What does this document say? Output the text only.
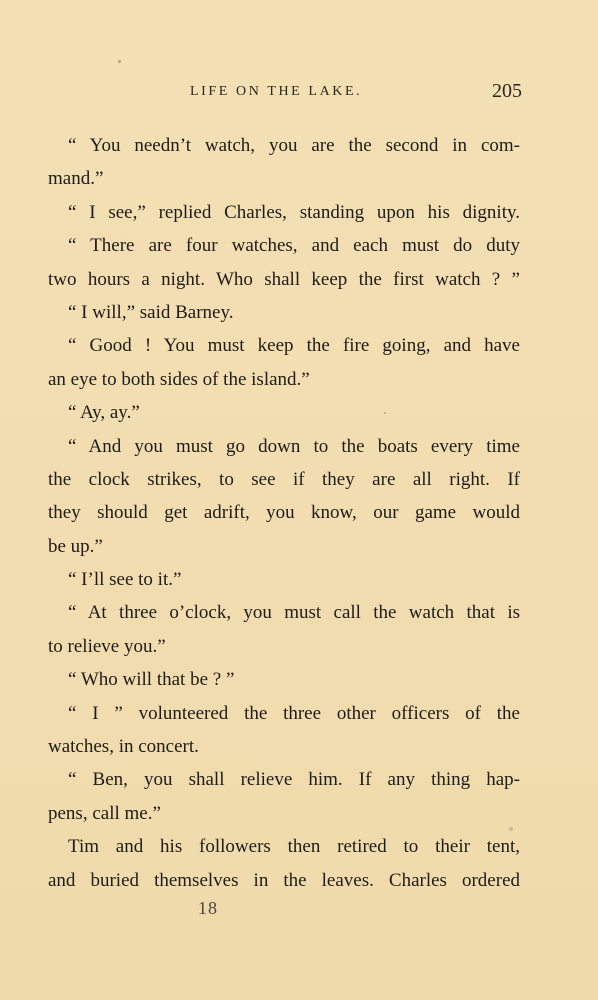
LIFE ON THE LAKE.	205
“ You needn’t watch, you are the second in com-
mand.”
“ I see,” replied Charles, standing upon his dignity.
“ There are four watches, and each must do duty
two hours a night. Who shall keep the first watch ? ”
“ I will,” said Barney.
“ Good ! You must keep the fire going, and have
an eye to both sides of the island.”
“ Ay, ay.”
“ And you must go down to the boats every time
the clock strikes, to see if they are all right. If
they should get adrift, you know, our game would
be up.”
“ I’ll see to it.”
“ At three o’clock, you must call the watch that is
to relieve you.”
“ Who will that be ? ”
“ I ” volunteered the three other officers of the
watches, in concert.
“ Ben, you shall relieve him. If any thing hap-
pens, call me.”
Tim and his followers then retired to their tent,
and buried themselves in the leaves. Charles ordered
18
